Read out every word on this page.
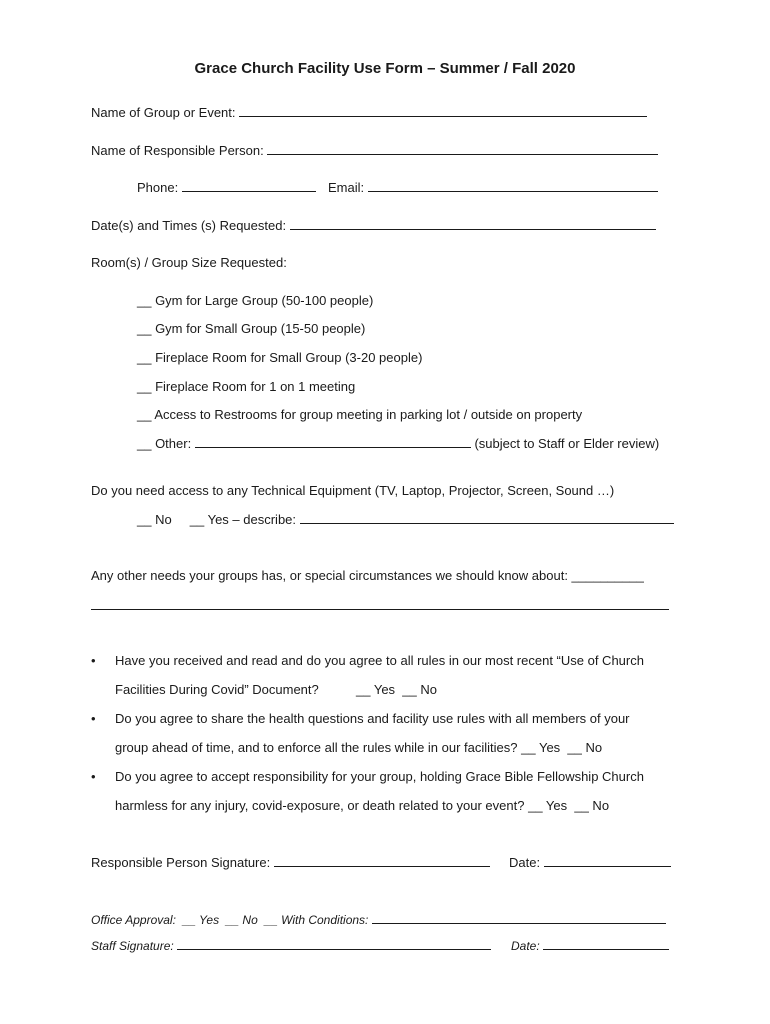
Grace Church Facility Use Form – Summer / Fall 2020
Name of Group or Event:
Name of Responsible Person:
Phone:	Email:
Date(s) and Times (s) Requested:
Room(s) / Group Size Requested:
__ Gym for Large Group (50-100 people)
__ Gym for Small Group (15-50 people)
__ Fireplace Room for Small Group (3-20 people)
__ Fireplace Room for 1 on 1 meeting
__ Access to Restrooms for group meeting in parking lot / outside on property
__ Other:	(subject to Staff or Elder review)
Do you need access to any Technical Equipment (TV, Laptop, Projector, Screen, Sound …)
__ No __ Yes – describe:
Any other needs your groups has, or special circumstances we should know about: __________
• Have you received and read and do you agree to all rules in our most recent “Use of Church
Facilities During Covid” Document?	__ Yes  __ No
• Do you agree to share the health questions and facility use rules with all members of your
group ahead of time, and to enforce all the rules while in our facilities? __ Yes  __ No
• Do you agree to accept responsibility for your group, holding Grace Bible Fellowship Church
harmless for any injury, covid-exposure, or death related to your event? __ Yes  __ No
Responsible Person Signature:	Date:
Office Approval:  __ Yes  __ No  __ With Conditions:
Staff Signature:	Date:
